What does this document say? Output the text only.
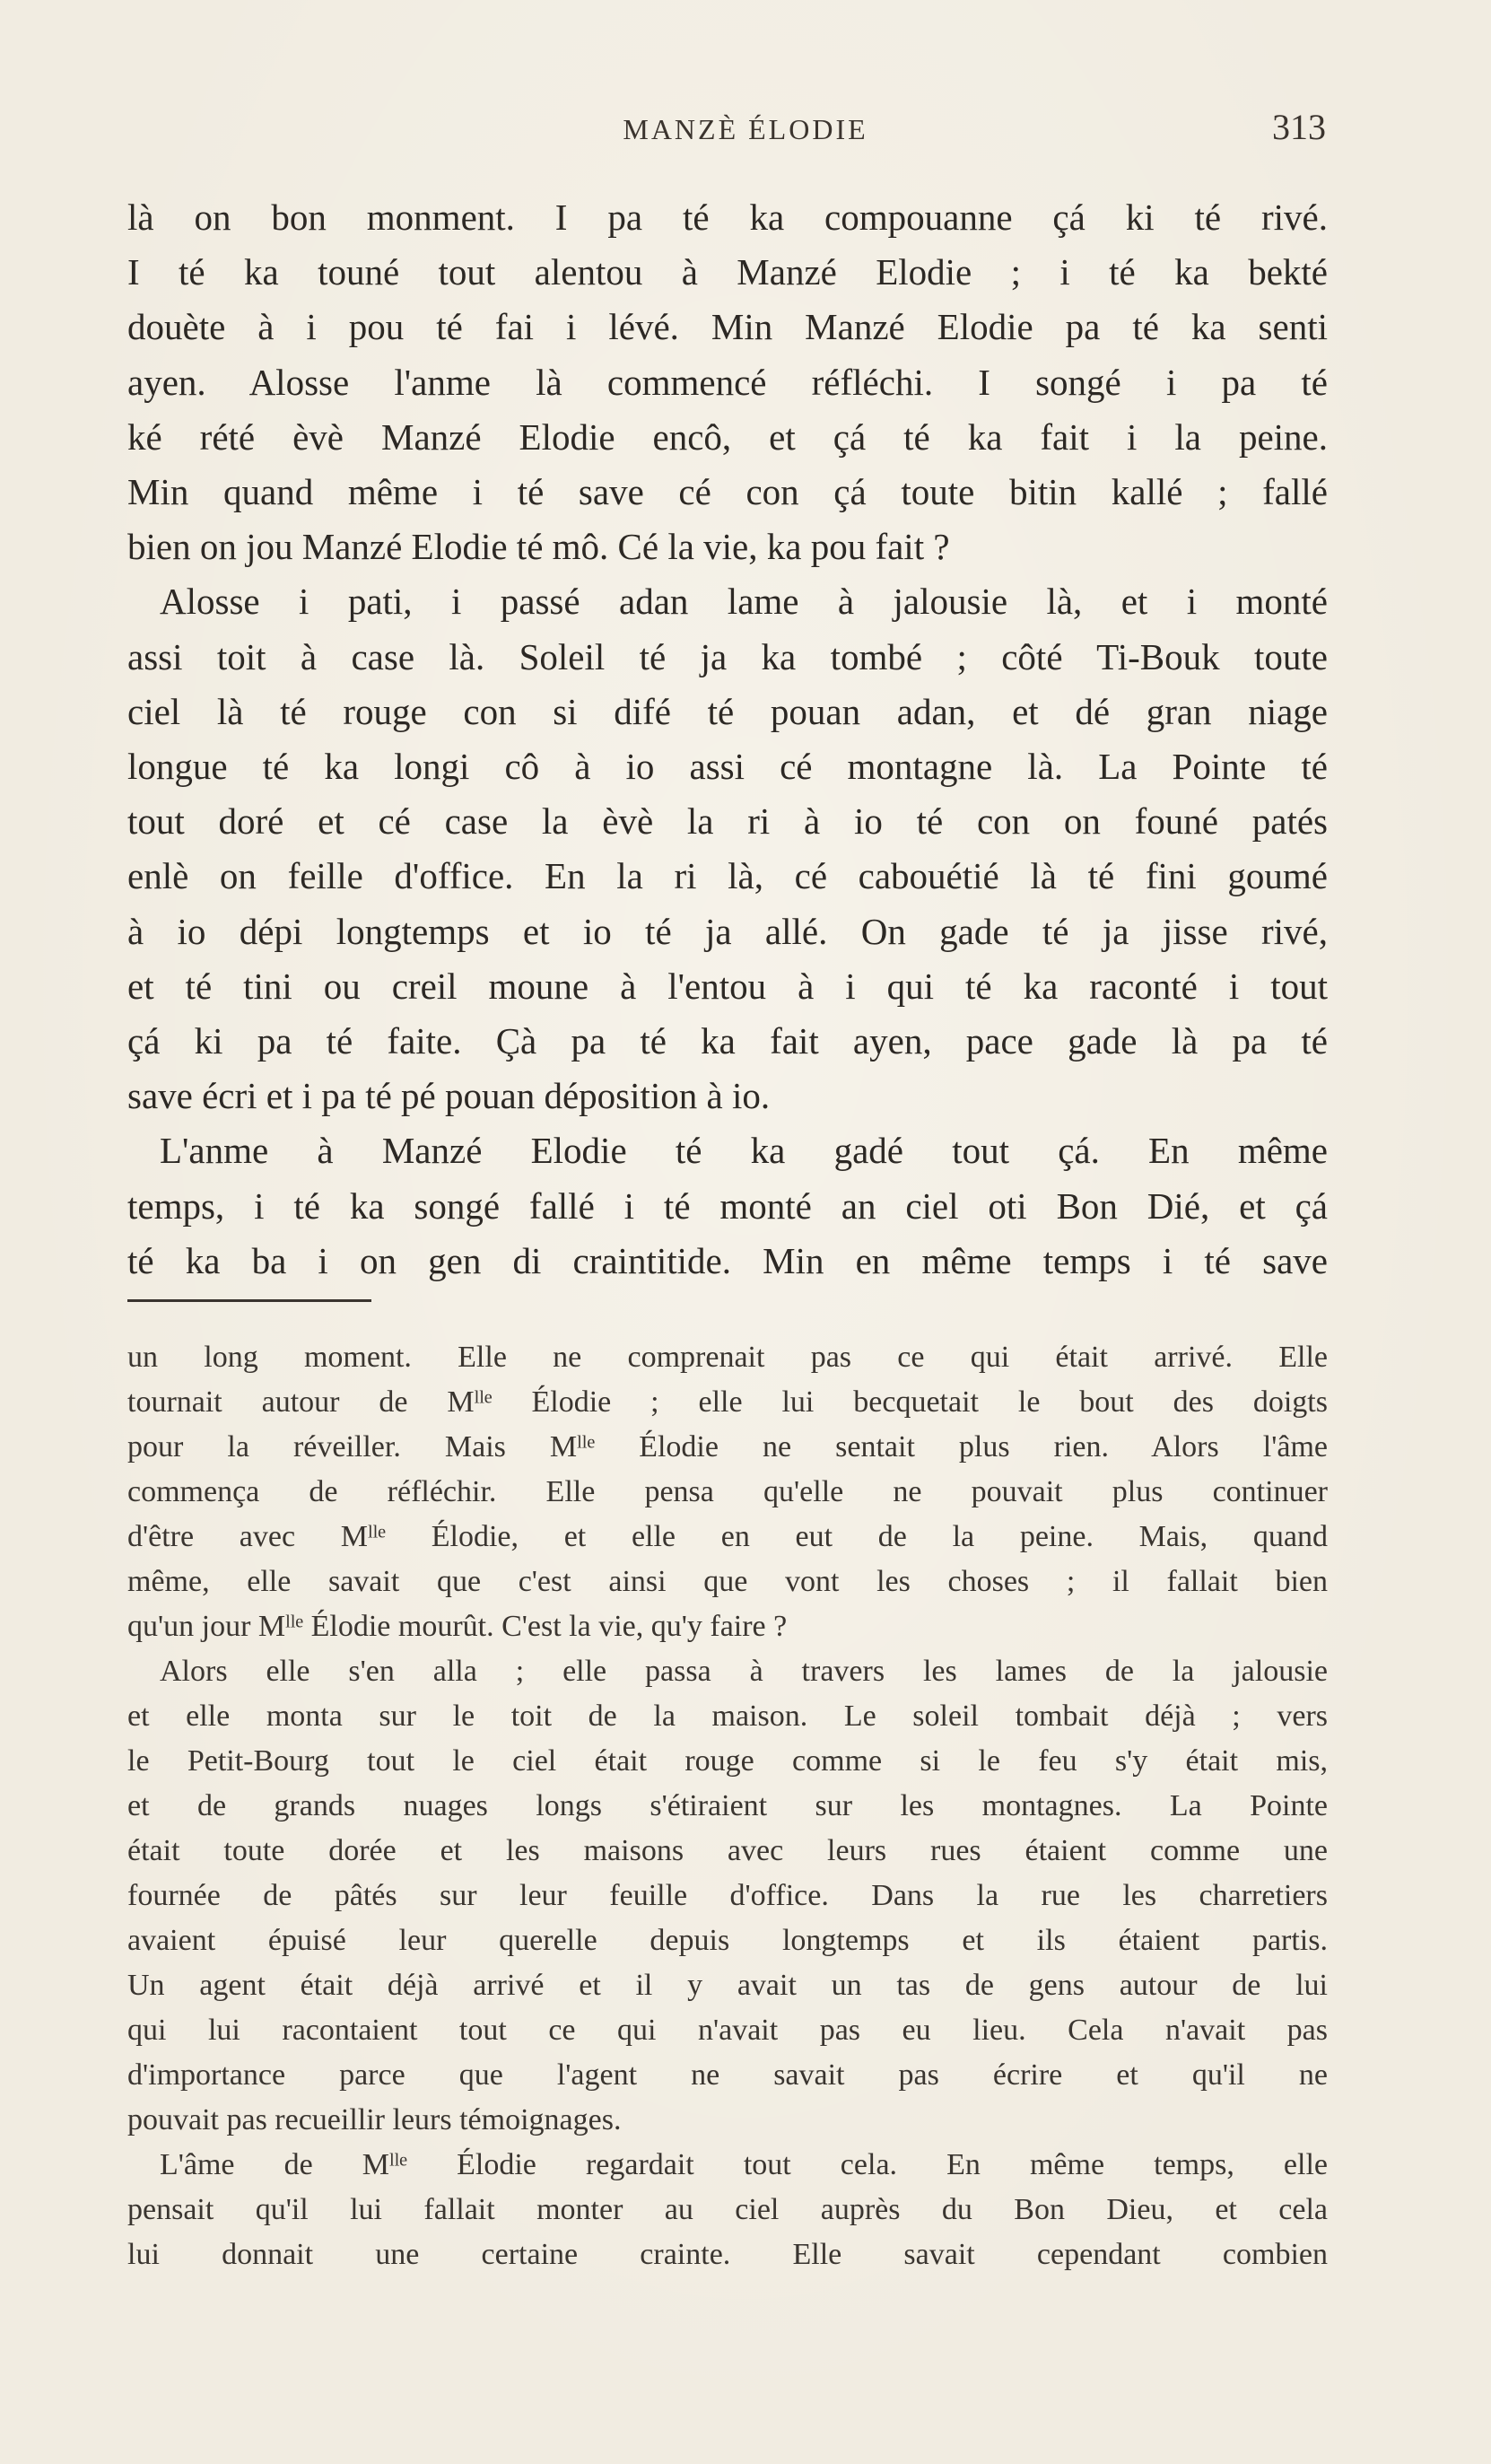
MANZÈ ÉLODIE	313
là on bon monment. I pa té ka compouanne çá ki té rivé.
I té ka touné tout alentou à Manzé Elodie ; i té ka bekté
douète à i pou té fai i lévé. Min Manzé Elodie pa té ka senti
ayen. Alosse l'anme là commencé réfléchi. I songé i pa té
ké rété èvè Manzé Elodie encô, et çá té ka fait i la peine.
Min quand même i té save cé con çá toute bitin kallé ; fallé
bien on jou Manzé Elodie té mô. Cé la vie, ka pou fait ?
Alosse i pati, i passé adan lame à jalousie là, et i monté
assi toit à case là. Soleil té ja ka tombé ; côté Ti-Bouk toute
ciel là té rouge con si difé té pouan adan, et dé gran niage
longue té ka longi cô à io assi cé montagne là. La Pointe té
tout doré et cé case la èvè la ri à io té con on founé patés
enlè on feille d'office. En la ri là, cé cabouétié là té fini goumé
à io dépi longtemps et io té ja allé. On gade té ja jisse rivé,
et té tini ou creil moune à l'entou à i qui té ka raconté i tout
çá ki pa té faite. Çà pa té ka fait ayen, pace gade là pa té
save écri et i pa té pé pouan déposition à io.
L'anme à Manzé Elodie té ka gadé tout çá. En même
temps, i té ka songé fallé i té monté an ciel oti Bon Dié, et çá
té ka ba i on gen di craintitide. Min en même temps i té save
un long moment. Elle ne comprenait pas ce qui était arrivé. Elle
tournait autour de Mˡˡᵉ Élodie ; elle lui becquetait le bout des doigts
pour la réveiller. Mais Mˡˡᵉ Élodie ne sentait plus rien. Alors l'âme
commença de réfléchir. Elle pensa qu'elle ne pouvait plus continuer
d'être avec Mˡˡᵉ Élodie, et elle en eut de la peine. Mais, quand
même, elle savait que c'est ainsi que vont les choses ; il fallait bien
qu'un jour Mˡˡᵉ Élodie mourût. C'est la vie, qu'y faire ?
Alors elle s'en alla ; elle passa à travers les lames de la jalousie
et elle monta sur le toit de la maison. Le soleil tombait déjà ; vers
le Petit-Bourg tout le ciel était rouge comme si le feu s'y était mis,
et de grands nuages longs s'étiraient sur les montagnes. La Pointe
était toute dorée et les maisons avec leurs rues étaient comme une
fournée de pâtés sur leur feuille d'office. Dans la rue les charretiers
avaient épuisé leur querelle depuis longtemps et ils étaient partis.
Un agent était déjà arrivé et il y avait un tas de gens autour de lui
qui lui racontaient tout ce qui n'avait pas eu lieu. Cela n'avait pas
d'importance parce que l'agent ne savait pas écrire et qu'il ne
pouvait pas recueillir leurs témoignages.
L'âme de Mˡˡᵉ Élodie regardait tout cela. En même temps, elle
pensait qu'il lui fallait monter au ciel auprès du Bon Dieu, et cela
lui donnait une certaine crainte. Elle savait cependant combien
